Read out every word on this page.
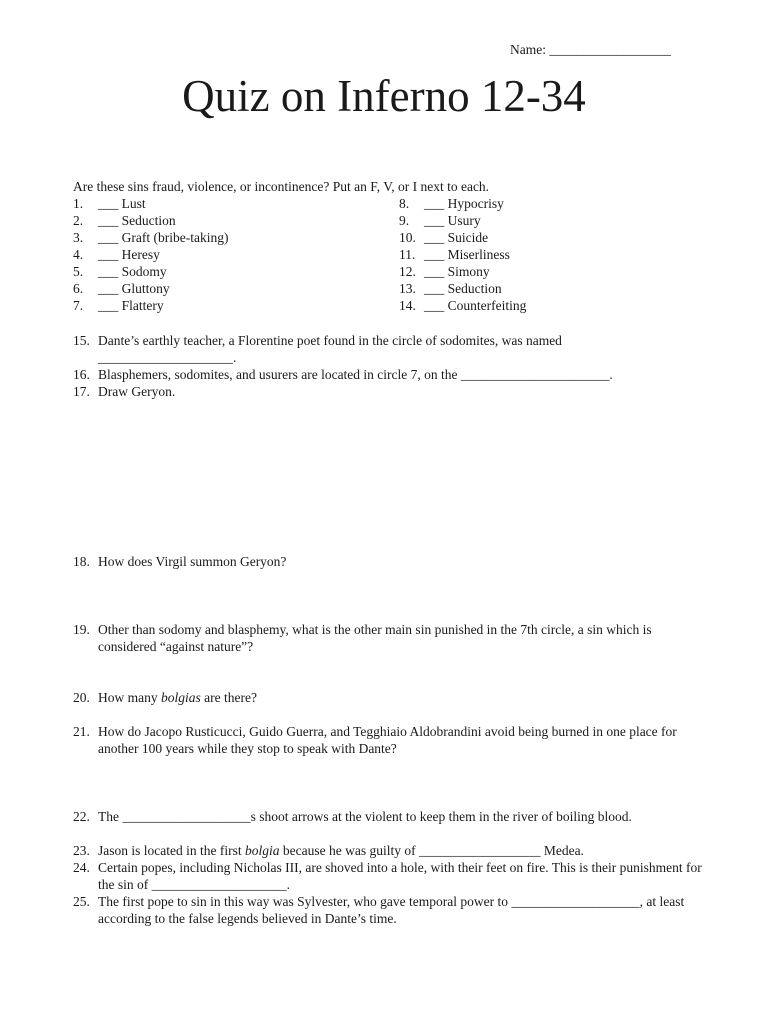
Name: __________________
Quiz on Inferno 12-34
Are these sins fraud, violence, or incontinence? Put an F, V, or I next to each.
1.	___ Lust
2.	___ Seduction
3.	___ Graft (bribe-taking)
4.	___ Heresy
5.	___ Sodomy
6.	___ Gluttony
7.	___ Flattery
8.	___ Hypocrisy
9.	___ Usury
10. ___ Suicide
11. ___ Miserliness
12. ___ Simony
13. ___ Seduction
14. ___ Counterfeiting
15. Dante’s earthly teacher, a Florentine poet found in the circle of sodomites, was named ____________________.
16. Blasphemers, sodomites, and usurers are located in circle 7, on the ______________________.
17. Draw Geryon.
18. How does Virgil summon Geryon?
19. Other than sodomy and blasphemy, what is the other main sin punished in the 7th circle, a sin which is considered “against nature”?
20. How many bolgias are there?
21. How do Jacopo Rusticucci, Guido Guerra, and Tegghiaio Aldobrandini avoid being burned in one place for another 100 years while they stop to speak with Dante?
22. The ___________________s shoot arrows at the violent to keep them in the river of boiling blood.
23. Jason is located in the first bolgia because he was guilty of __________________ Medea.
24. Certain popes, including Nicholas III, are shoved into a hole, with their feet on fire. This is their punishment for the sin of ____________________.
25. The first pope to sin in this way was Sylvester, who gave temporal power to ___________________, at least according to the false legends believed in Dante’s time.
